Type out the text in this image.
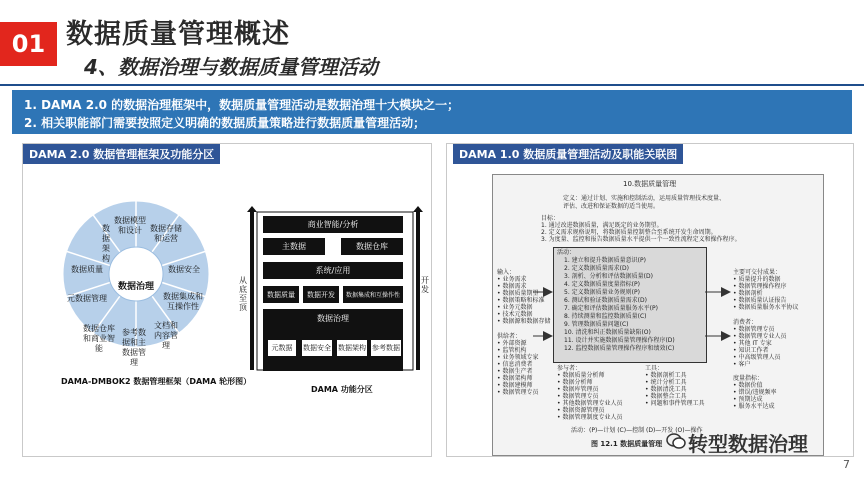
01 数据质量管理概述
4、数据治理与数据质量管理活动
1. DAMA 2.0 的数据治理框架中，数据质量管理活动是数据治理十大模块之一；
2. 相关职能部门需要按照定义明确的数据质量策略进行数据质量管理活动；
DAMA 2.0 数据管理框架及功能分区
数据治理
数据模型和设计	数据存储和运营
数据安全
数据集成和互操作性
文档和内容管理
参考数据和主数据管理
数据仓库和商业智能
元数据管理
数据质量
数据架构
DAMA-DMBOK2 数据管理框架（DAMA 轮形图）
商业智能/分析
主数据	数据仓库
系统/应用
数据质量	数据开发	数据集成和互操作性
数据治理
元数据	数据安全 数据架构 参考数据
从底至顶
开发
DAMA 功能分区
DAMA 1.0 数据质量管理活动及职能关联图
10.数据质量管理
定义：通过计划、实施和控制活动，运用质量管理技术度量、
评估、改进和保证数据的适当使用。
目标：
1. 通过改进数据质量，满足既定的业务期望。
2. 定义需求规格说明，将数据质量控制整合至系统开发生命周期。
3. 为度量、监控和报告数据质量水平提供一个一致性流程定义和操作程序。
活动：
1. 建立和提升数据质量意识(P)
2. 定义数据质量需求(D)
3. 剖析、分析和评估数据质量(D)
4. 定义数据质量度量指标(P)
5. 定义数据质量业务规则(P)
6. 测试和验证数据质量需求(D)
7. 确定和评估数据质量服务水平(P)
8. 持续测量和监控数据质量(C)
9. 管理数据质量问题(C)
10. 清洗和纠正数据质量缺陷(O)
11. 设计并实施数据质量管理操作程序(D)
12. 监控数据质量管理操作程序和绩效(C)
输入：
• 业务需求
• 数据需求
• 数据质量期望
• 数据策略和标准
• 业务元数据
• 技术元数据
• 数据源和数据存储
供给者：
• 外部资源
• 监管机构
• 业务领域专家
• 信息消费者
• 数据生产者
• 数据架构师
• 数据建模师
• 数据管理专员
参与者：
• 数据质量分析师
• 数据分析师
• 数据库管理员
• 数据管理专员
• 其他数据管理专业人员
• 数据资源管理员
• 数据管理制度专业人员
工具：
• 数据剖析工具
• 统计分析工具
• 数据清洗工具
• 数据整合工具
• 问题和事件管理工具
主要可交付成果：
• 质量提升的数据
• 数据管理操作程序
• 数据剖析
• 数据质量认证报告
• 数据质量服务水平协议
消费者：
• 数据管理专员
• 数据管理专业人员
• 其他 IT 专家
• 知识工作者
• 中高级管理人员
• 客户
度量指标：
• 数据价值
• 错误/违规频率
• 预期达成
• 服务水平达成
活动：(P)—计划 (C)—控制 (D)—开发 (O)—操作
图 12.1 数据质量管理 转型数据治理
7
